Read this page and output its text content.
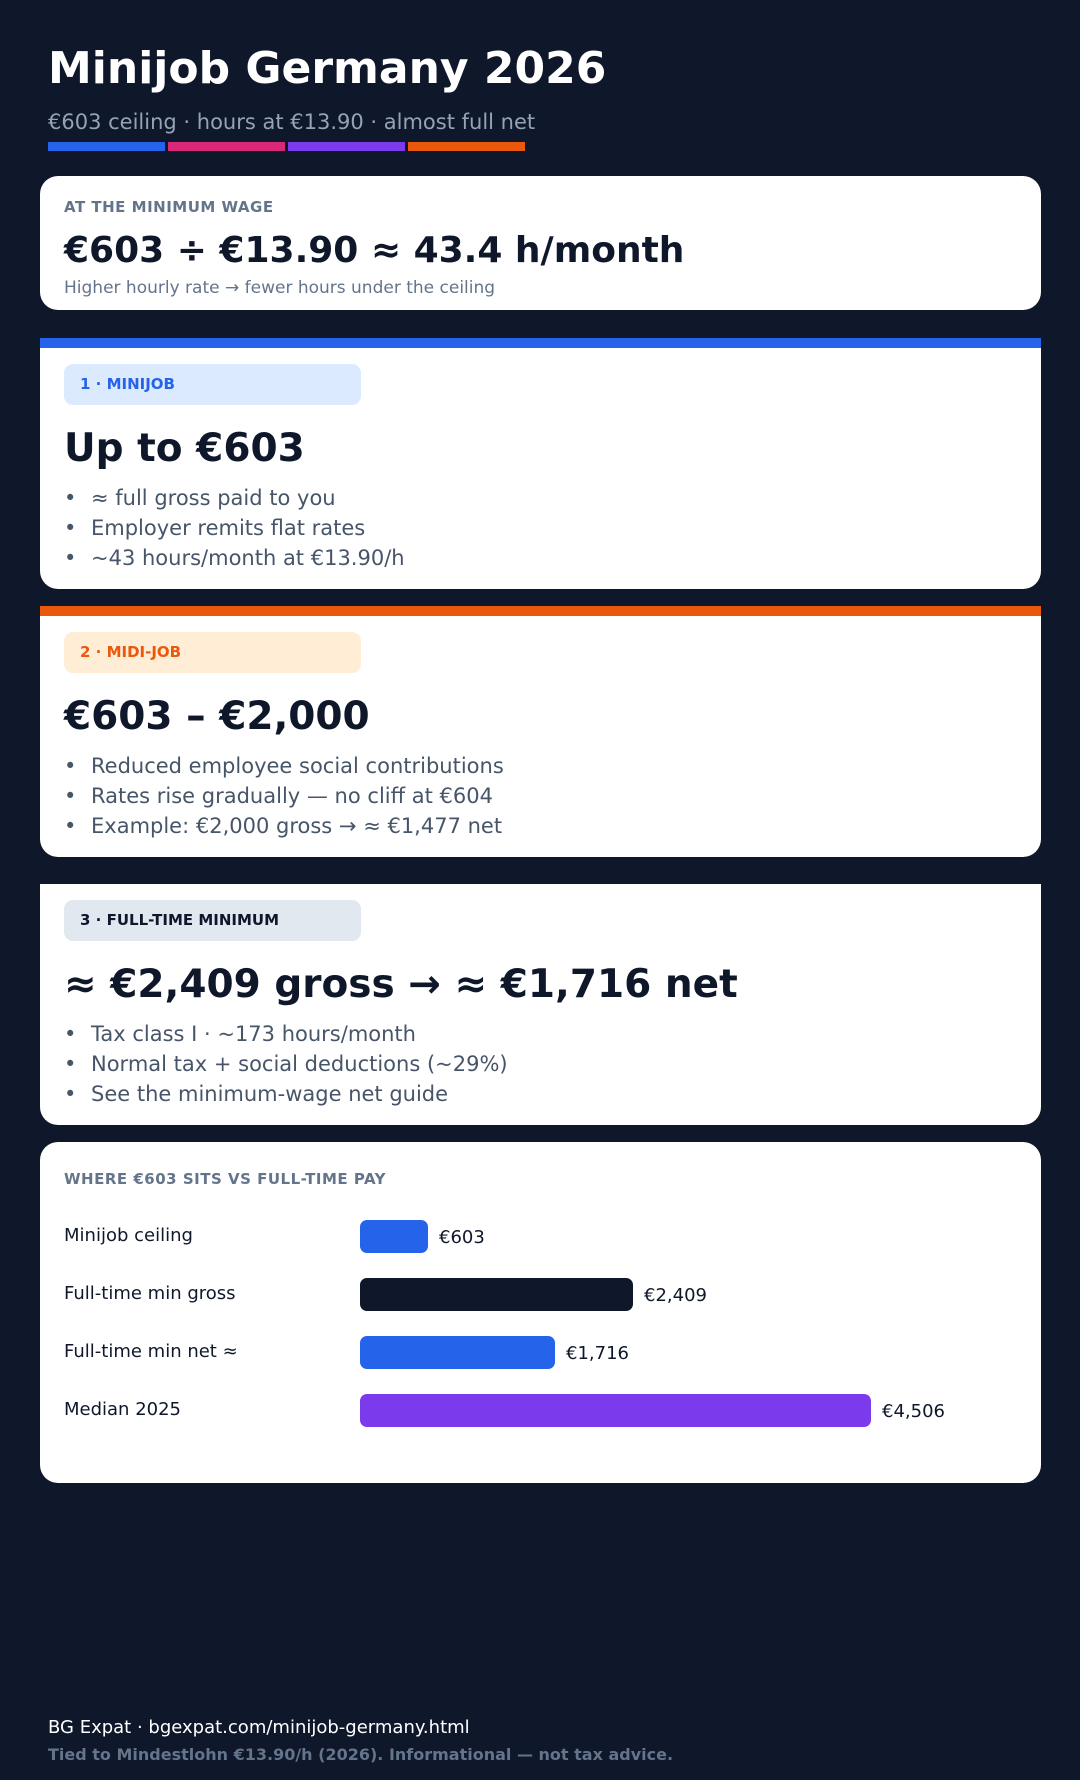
Minijob Germany 2026
€603 ceiling · hours at €13.90 · almost full net
AT THE MINIMUM WAGE
€603 ÷ €13.90 ≈ 43.4 h/month
Higher hourly rate → fewer hours under the ceiling
1 · MINIJOB
Up to €603
• ≈ full gross paid to you
• Employer remits flat rates
• ~43 hours/month at €13.90/h
2 · MIDI-JOB
€603 – €2,000
• Reduced employee social contributions
• Rates rise gradually — no cliff at €604
• Example: €2,000 gross → ≈ €1,477 net
3 · FULL-TIME MINIMUM
≈ €2,409 gross → ≈ €1,716 net
• Tax class I · ~173 hours/month
• Normal tax + social deductions (~29%)
• See the minimum-wage net guide
WHERE €603 SITS VS FULL-TIME PAY
Minijob ceiling	€603
Full-time min gross	€2,409
Full-time min net ≈	€1,716
Median 2025	€4,506
BG Expat · bgexpat.com/minijob-germany.html
Tied to Mindestlohn €13.90/h (2026). Informational — not tax advice.
